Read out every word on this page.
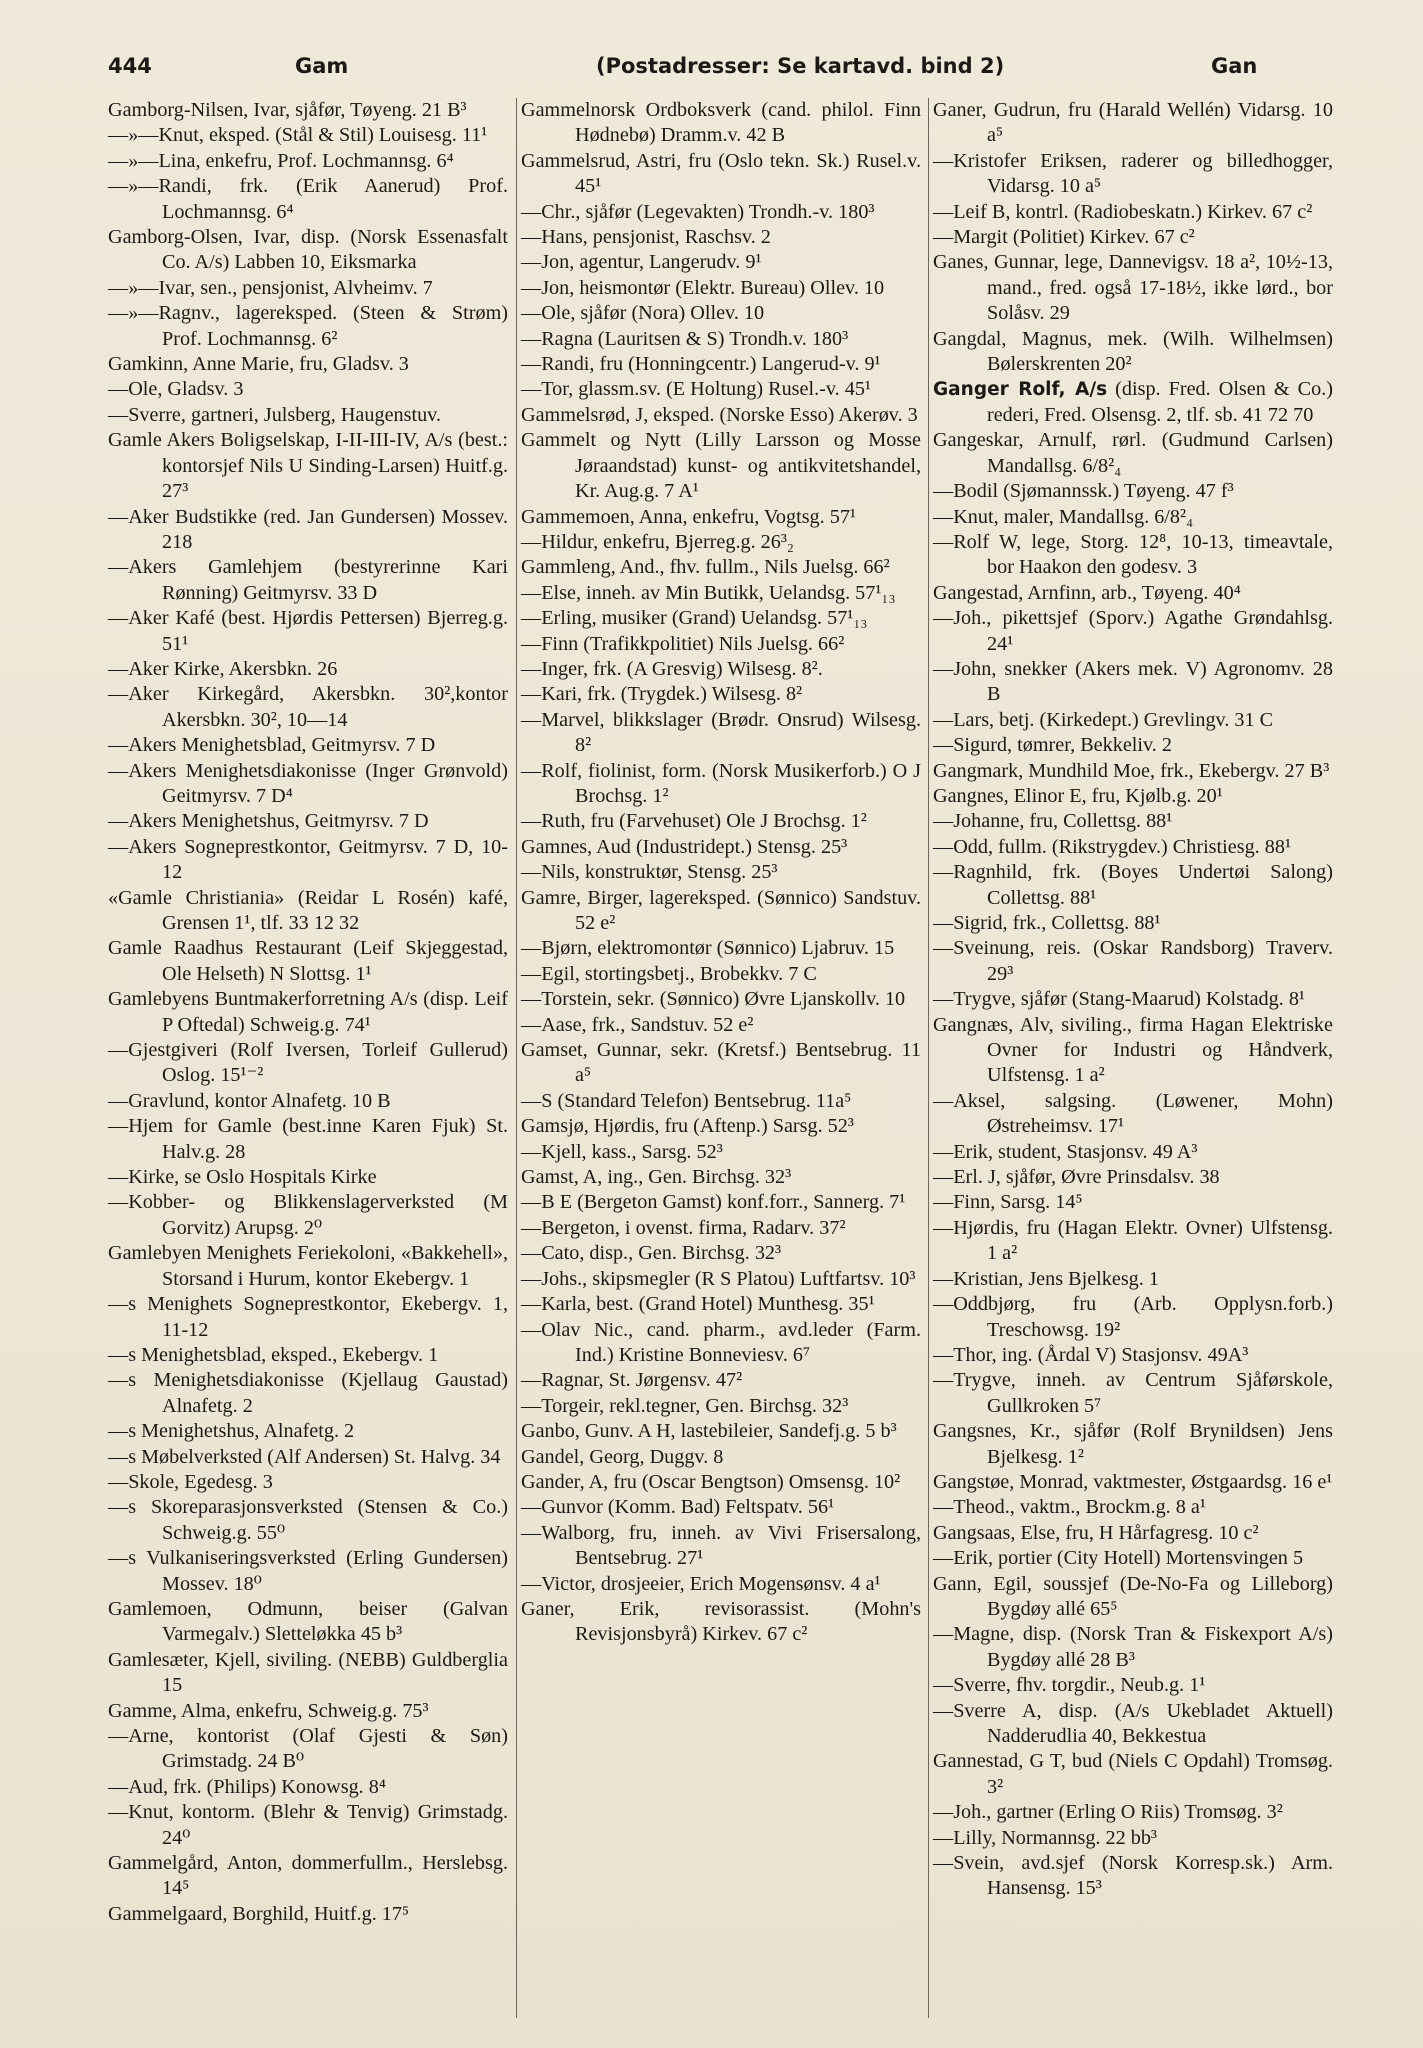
444	Gam	(Postadresser: Se kartavd. bind 2)	Gan

Gamborg-Nilsen, Ivar, sjåfør, Tøyeng. 21 B³

—»—Knut, eksped. (Stål & Stil) Louisesg. 11¹

—»—Lina, enkefru, Prof. Lochmannsg. 6⁴

—»—Randi, frk. (Erik Aanerud) Prof. Lochmannsg. 6⁴

Gamborg-Olsen, Ivar, disp. (Norsk Essenasfalt Co. A/s) Labben 10, Eiksmarka

—»—Ivar, sen., pensjonist, Alvheimv. 7

—»—Ragnv., lagereksped. (Steen & Strøm) Prof. Lochmannsg. 6²

Gamkinn, Anne Marie, fru, Gladsv. 3

—Ole, Gladsv. 3

—Sverre, gartneri, Julsberg, Haugenstuv.

Gamle Akers Boligselskap, I-II-III-IV, A/s (best.: kontorsjef Nils U Sinding-Larsen) Huitf.g. 27³

—Aker Budstikke (red. Jan Gundersen) Mossev. 218

—Akers Gamlehjem (bestyrerinne Kari Rønning) Geitmyrsv. 33 D

—Aker Kafé (best. Hjørdis Pettersen) Bjerreg.g. 51¹

—Aker Kirke, Akersbkn. 26

—Aker Kirkegård, Akersbkn. 30²,kontor Akersbkn. 30², 10—14

—Akers Menighetsblad, Geitmyrsv. 7 D

—Akers Menighetsdiakonisse (Inger Grønvold) Geitmyrsv. 7 D⁴

—Akers Menighetshus, Geitmyrsv. 7 D

—Akers Sogneprestkontor, Geitmyrsv. 7 D, 10-12

«Gamle Christiania» (Reidar L Rosén) kafé, Grensen 1¹, tlf. 33 12 32

Gamle Raadhus Restaurant (Leif Skjeggestad, Ole Helseth) N Slottsg. 1¹

Gamlebyens Buntmakerforretning A/s (disp. Leif P Oftedal) Schweig.g. 74¹

—Gjestgiveri (Rolf Iversen, Torleif Gullerud) Oslog. 15¹⁻²

—Gravlund, kontor Alnafetg. 10 B

—Hjem for Gamle (best.inne Karen Fjuk) St. Halv.g. 28

—Kirke, se Oslo Hospitals Kirke

—Kobber- og Blikkenslagerverksted (M Gorvitz) Arupsg. 2⁰

Gamlebyen Menighets Feriekoloni, «Bakkehell», Storsand i Hurum, kontor Ekebergv. 1

—s Menighets Sogneprestkontor, Ekebergv. 1, 11-12

—s Menighetsblad, eksped., Ekebergv. 1

—s Menighetsdiakonisse (Kjellaug Gaustad) Alnafetg. 2

—s Menighetshus, Alnafetg. 2

—s Møbelverksted (Alf Andersen) St. Halvg. 34

—Skole, Egedesg. 3

—s Skoreparasjonsverksted (Stensen & Co.) Schweig.g. 55⁰

—s Vulkaniseringsverksted (Erling Gundersen) Mossev. 18⁰

Gamlemoen, Odmunn, beiser (Galvan Varmegalv.) Sletteløkka 45 b³

Gamlesæter, Kjell, siviling. (NEBB) Guldberglia 15

Gamme, Alma, enkefru, Schweig.g. 75³

—Arne, kontorist (Olaf Gjesti & Søn) Grimstadg. 24 B⁰

—Aud, frk. (Philips) Konowsg. 8⁴

—Knut, kontorm. (Blehr & Tenvig) Grimstadg. 24⁰

Gammelgård, Anton, dommerfullm., Herslebsg. 14⁵

Gammelgaard, Borghild, Huitf.g. 17⁵

Gammelnorsk Ordboksverk (cand. philol. Finn Hødnebø) Dramm.v. 42 B

Gammelsrud, Astri, fru (Oslo tekn. Sk.) Rusel.v. 45¹

—Chr., sjåfør (Legevakten) Trondh.-v. 180³

—Hans, pensjonist, Raschsv. 2

—Jon, agentur, Langerudv. 9¹

—Jon, heismontør (Elektr. Bureau) Ollev. 10

—Ole, sjåfør (Nora) Ollev. 10

—Ragna (Lauritsen & S) Trondh.v. 180³

—Randi, fru (Honningcentr.) Langerud-v. 9¹

—Tor, glassm.sv. (E Holtung) Rusel.-v. 45¹

Gammelsrød, J, eksped. (Norske Esso) Akerøv. 3

Gammelt og Nytt (Lilly Larsson og Mosse Jøraandstad) kunst- og antikvitetshandel, Kr. Aug.g. 7 A¹

Gammemoen, Anna, enkefru, Vogtsg. 57¹

—Hildur, enkefru, Bjerreg.g. 26³₂

Gammleng, And., fhv. fullm., Nils Juelsg. 66²

—Else, inneh. av Min Butikk, Uelandsg. 57¹₁₃

—Erling, musiker (Grand) Uelandsg. 57¹₁₃

—Finn (Trafikkpolitiet) Nils Juelsg. 66²

—Inger, frk. (A Gresvig) Wilsesg. 8².

—Kari, frk. (Trygdek.) Wilsesg. 8²

—Marvel, blikkslager (Brødr. Onsrud) Wilsesg. 8²

—Rolf, fiolinist, form. (Norsk Musikerforb.) O J Brochsg. 1²

—Ruth, fru (Farvehuset) Ole J Brochsg. 1²

Gamnes, Aud (Industridept.) Stensg. 25³

—Nils, konstruktør, Stensg. 25³

Gamre, Birger, lagereksped. (Sønnico) Sandstuv. 52 e²

—Bjørn, elektromontør (Sønnico) Ljabruv. 15

—Egil, stortingsbetj., Brobekkv. 7 C

—Torstein, sekr. (Sønnico) Øvre Ljanskollv. 10

—Aase, frk., Sandstuv. 52 e²

Gamset, Gunnar, sekr. (Kretsf.) Bentsebrug. 11 a⁵

—S (Standard Telefon) Bentsebrug. 11a⁵

Gamsjø, Hjørdis, fru (Aftenp.) Sarsg. 52³

—Kjell, kass., Sarsg. 52³

Gamst, A, ing., Gen. Birchsg. 32³

—B E (Bergeton Gamst) konf.forr., Sannerg. 7¹

—Bergeton, i ovenst. firma, Radarv. 37²

—Cato, disp., Gen. Birchsg. 32³

—Johs., skipsmegler (R S Platou) Luftfartsv. 10³

—Karla, best. (Grand Hotel) Munthesg. 35¹

—Olav Nic., cand. pharm., avd.leder (Farm. Ind.) Kristine Bonneviesv. 6⁷

—Ragnar, St. Jørgensv. 47²

—Torgeir, rekl.tegner, Gen. Birchsg. 32³

Ganbo, Gunv. A H, lastebileier, Sandefj.g. 5 b³

Gandel, Georg, Duggv. 8

Gander, A, fru (Oscar Bengtson) Omsensg. 10²

—Gunvor (Komm. Bad) Feltspatv. 56¹

—Walborg, fru, inneh. av Vivi Frisersalong, Bentsebrug. 27¹

—Victor, drosjeeier, Erich Mogensønsv. 4 a¹

Ganer, Erik, revisorassist. (Mohn's Revisjonsbyrå) Kirkev. 67 c²

Ganer, Gudrun, fru (Harald Wellén) Vidarsg. 10 a⁵

—Kristofer Eriksen, raderer og billedhogger, Vidarsg. 10 a⁵

—Leif B, kontrl. (Radiobeskatn.) Kirkev. 67 c²

—Margit (Politiet) Kirkev. 67 c²

Ganes, Gunnar, lege, Dannevigsv. 18 a², 10½-13, mand., fred. også 17-18½, ikke lørd., bor Solåsv. 29

Gangdal, Magnus, mek. (Wilh. Wilhelmsen) Bølerskrenten 20²

Ganger Rolf, A/s (disp. Fred. Olsen & Co.) rederi, Fred. Olsensg. 2, tlf. sb. 41 72 70

Gangeskar, Arnulf, rørl. (Gudmund Carlsen) Mandallsg. 6/8²₄

—Bodil (Sjømannssk.) Tøyeng. 47 f³

—Knut, maler, Mandallsg. 6/8²₄

—Rolf W, lege, Storg. 12⁸, 10-13, timeavtale, bor Haakon den godesv. 3

Gangestad, Arnfinn, arb., Tøyeng. 40⁴

—Joh., pikettsjef (Sporv.) Agathe Grøndahlsg. 24¹

—John, snekker (Akers mek. V) Agronomv. 28 B

—Lars, betj. (Kirkedept.) Grevlingv. 31 C

—Sigurd, tømrer, Bekkeliv. 2

Gangmark, Mundhild Moe, frk., Ekebergv. 27 B³

Gangnes, Elinor E, fru, Kjølb.g. 20¹

—Johanne, fru, Collettsg. 88¹

—Odd, fullm. (Rikstrygdev.) Christiesg. 88¹

—Ragnhild, frk. (Boyes Undertøi Salong) Collettsg. 88¹

—Sigrid, frk., Collettsg. 88¹

—Sveinung, reis. (Oskar Randsborg) Traverv. 29³

—Trygve, sjåfør (Stang-Maarud) Kolstadg. 8¹

Gangnæs, Alv, siviling., firma Hagan Elektriske Ovner for Industri og Håndverk, Ulfstensg. 1 a²

—Aksel, salgsing. (Løwener, Mohn) Østreheimsv. 17¹

—Erik, student, Stasjonsv. 49 A³

—Erl. J, sjåfør, Øvre Prinsdalsv. 38

—Finn, Sarsg. 14⁵

—Hjørdis, fru (Hagan Elektr. Ovner) Ulfstensg. 1 a²

—Kristian, Jens Bjelkesg. 1

—Oddbjørg, fru (Arb. Opplysn.forb.) Treschowsg. 19²

—Thor, ing. (Årdal V) Stasjonsv. 49A³

—Trygve, inneh. av Centrum Sjåførskole, Gullkroken 5⁷

Gangsnes, Kr., sjåfør (Rolf Brynildsen) Jens Bjelkesg. 1²

Gangstøe, Monrad, vaktmester, Østgaardsg. 16 e¹

—Theod., vaktm., Brockm.g. 8 a¹

Gangsaas, Else, fru, H Hårfagresg. 10 c²

—Erik, portier (City Hotell) Mortensvingen 5

Gann, Egil, soussjef (De-No-Fa og Lilleborg) Bygdøy allé 65⁵

—Magne, disp. (Norsk Tran & Fiskexport A/s) Bygdøy allé 28 B³

—Sverre, fhv. torgdir., Neub.g. 1¹

—Sverre A, disp. (A/s Ukebladet Aktuell) Nadderudlia 40, Bekkestua

Gannestad, G T, bud (Niels C Opdahl) Tromsøg. 3²

—Joh., gartner (Erling O Riis) Tromsøg. 3²

—Lilly, Normannsg. 22 bb³

—Svein, avd.sjef (Norsk Korresp.sk.) Arm. Hansensg. 15³
